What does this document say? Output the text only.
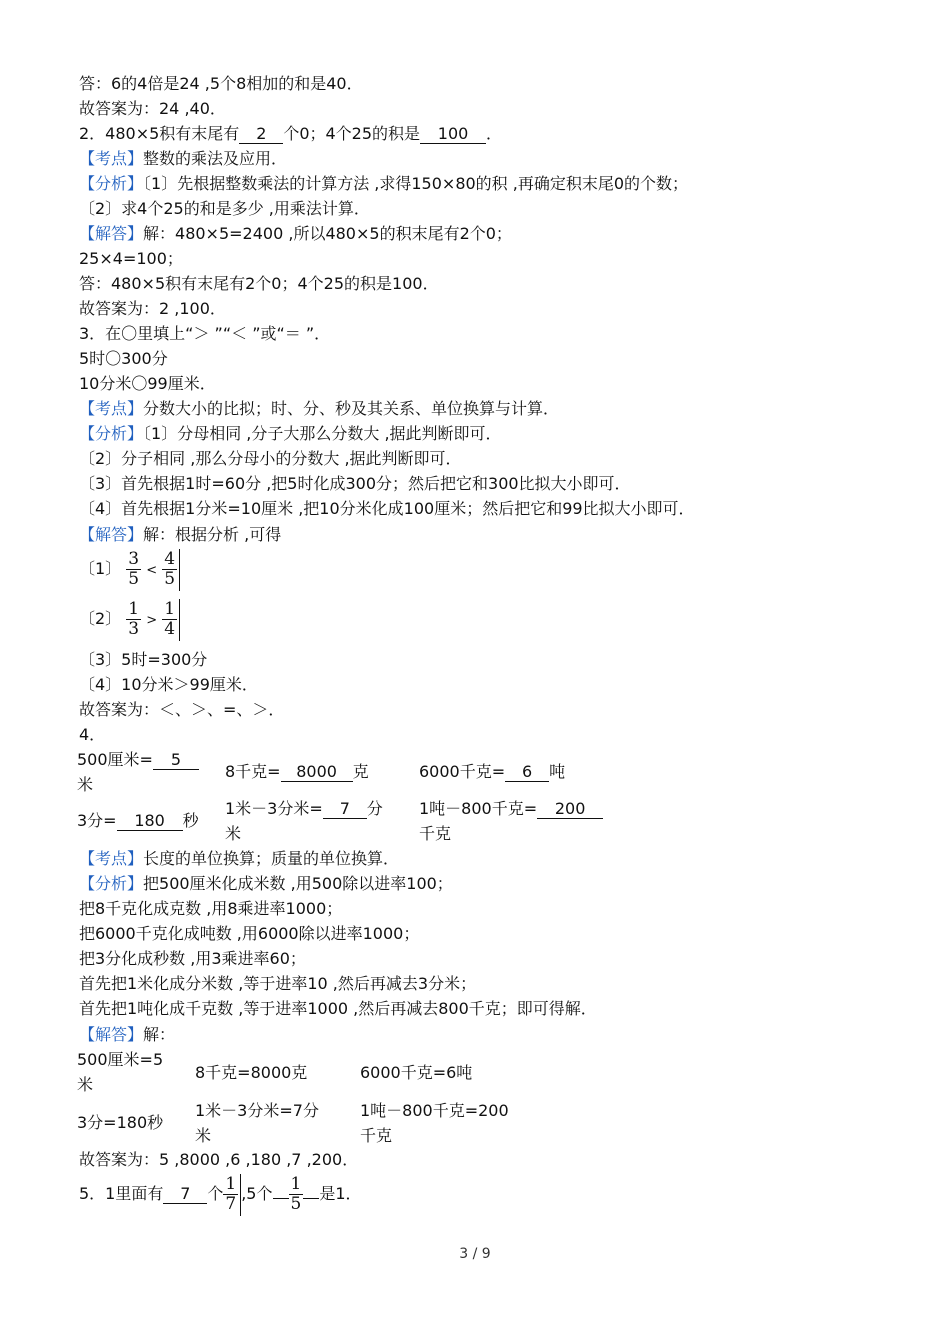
答：6的4倍是24 ,5个8相加的和是40．
故答案为：24 ,40．
2．480×5积有末尾有 2 个0；4个25的积是 100 ．
【考点】整数的乘法及应用．
【分析】〔1〕先根据整数乘法的计算方法 ,求得150×80的积 ,再确定积末尾0的个数；
〔2〕求4个25的和是多少 ,用乘法计算．
【解答】解：480×5=2400 ,所以480×5的积末尾有2个0；
25×4=100；
答：480×5积有末尾有2个0；4个25的积是100．
故答案为：2 ,100．
3．在〇里填上“＞ ”“＜ ”或“＝ ”．
5时〇300分
10分米〇99厘米．
【考点】分数大小的比拟；时、分、秒及其关系、单位换算与计算．
【分析】〔1〕分母相同 ,分子大那么分数大 ,据此判断即可．
〔2〕分子相同 ,那么分母小的分数大 ,据此判断即可．
〔3〕首先根据1时=60分 ,把5时化成300分；然后把它和300比拟大小即可．
〔4〕首先根据1分米=10厘米 ,把10分米化成100厘米；然后把它和99比拟大小即可．
【解答】解：根据分析 ,可得
〔1〕 $\frac{3}{5} < \frac{4}{5}$
〔2〕 $\frac{1}{3} > \frac{1}{4}$
〔3〕5时=300分
〔4〕10分米＞99厘米．
故答案为：＜、＞、=、＞．
4．
500厘米= 5
米
8千克= 8000 克	6000千克= 6 吨
3分= 180 秒
1米－3分米= 7 分
米
1吨－800千克= 200
千克
【考点】长度的单位换算；质量的单位换算．
【分析】把500厘米化成米数 ,用500除以进率100；
把8千克化成克数 ,用8乘进率1000；
把6000千克化成吨数 ,用6000除以进率1000；
把3分化成秒数 ,用3乘进率60；
首先把1米化成分米数 ,等于进率10 ,然后再减去3分米；
首先把1吨化成千克数 ,等于进率1000 ,然后再减去800千克；即可得解．
【解答】解：
500厘米=5
米
8千克=8000克	6000千克=6吨
3分=180秒
1米－3分米=7分
米
1吨－800千克=200
千克
故答案为：5 ,8000 ,6 ,180 ,7 ,200．
5．1里面有 7 个 $\frac{1}{7} ,5$个 $\frac{1}{5}$ 是1．
3 / 9
